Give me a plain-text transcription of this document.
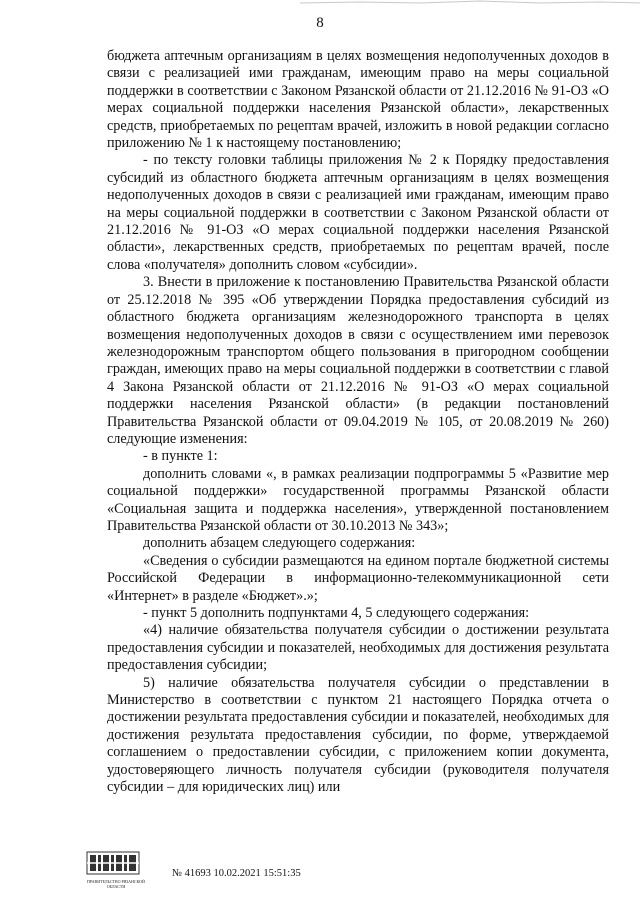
8

бюджета аптечным организациям в целях возмещения недополученных доходов в связи с реализацией ими гражданам, имеющим право на меры социальной поддержки в соответствии с Законом Рязанской области от 21.12.2016 № 91-ОЗ «О мерах социальной поддержки населения Рязанской области», лекарственных средств, приобретаемых по рецептам врачей, изложить в новой редакции согласно приложению № 1 к настоящему постановлению;

- по тексту головки таблицы приложения № 2 к Порядку предоставления субсидий из областного бюджета аптечным организациям в целях возмещения недополученных доходов в связи с реализацией ими гражданам, имеющим право на меры социальной поддержки в соответствии с Законом Рязанской области от 21.12.2016 № 91-ОЗ «О мерах социальной поддержки населения Рязанской области», лекарственных средств, приобретаемых по рецептам врачей, после слова «получателя» дополнить словом «субсидии».

3. Внести в приложение к постановлению Правительства Рязанской области от 25.12.2018 № 395 «Об утверждении Порядка предоставления субсидий из областного бюджета организациям железнодорожного транспорта в целях возмещения недополученных доходов в связи с осуществлением ими перевозок железнодорожным транспортом общего пользования в пригородном сообщении граждан, имеющих право на меры социальной поддержки в соответствии с главой 4 Закона Рязанской области от 21.12.2016 № 91-ОЗ «О мерах социальной поддержки населения Рязанской области» (в редакции постановлений Правительства Рязанской области от 09.04.2019 № 105, от 20.08.2019 № 260) следующие изменения:

- в пункте 1:

дополнить словами «, в рамках реализации подпрограммы 5 «Развитие мер социальной поддержки» государственной программы Рязанской области «Социальная защита и поддержка населения», утвержденной постановлением Правительства Рязанской области от 30.10.2013 № 343»;

дополнить абзацем следующего содержания:

«Сведения о субсидии размещаются на едином портале бюджетной системы Российской Федерации в информационно-телекоммуникационной сети «Интернет» в разделе «Бюджет».»;

- пункт 5 дополнить подпунктами 4, 5 следующего содержания:

«4) наличие обязательства получателя субсидии о достижении результата предоставления субсидии и показателей, необходимых для достижения результата предоставления субсидии;

5) наличие обязательства получателя субсидии о представлении в Министерство в соответствии с пунктом 21 настоящего Порядка отчета о достижении результата предоставления субсидии и показателей, необходимых для достижения результата предоставления субсидии, по форме, утверждаемой соглашением о предоставлении субсидии, с приложением копии документа, удостоверяющего личность получателя субсидии (руководителя получателя субсидии – для юридических лиц) или

ПРАВИТЕЛЬСТВО РЯЗАНСКОЙ ОБЛАСТИ
№ 41693 10.02.2021 15:51:35
